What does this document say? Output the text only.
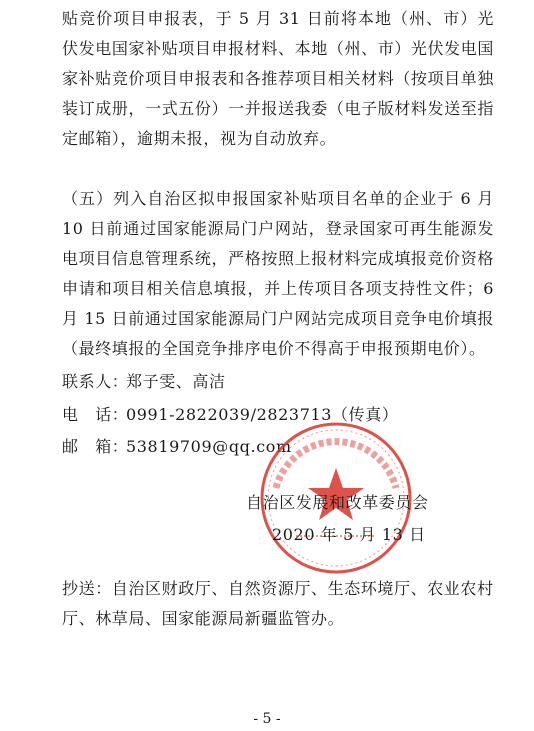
贴竞价项目申报表，于 5 月 31 日前将本地（州、市）光伏发电国家补贴项目申报材料、本地（州、市）光伏发电国家补贴竞价项目申报表和各推荐项目相关材料（按项目单独装订成册，一式五份）一并报送我委（电子版材料发送至指定邮箱），逾期未报，视为自动放弃。

（五）列入自治区拟申报国家补贴项目名单的企业于 6 月 10 日前通过国家能源局门户网站，登录国家可再生能源发电项目信息管理系统，严格按照上报材料完成填报竞价资格申请和项目相关信息填报，并上传项目各项支持性文件；6 月 15 日前通过国家能源局门户网站完成项目竞争电价填报（最终填报的全国竞争排序电价不得高于申报预期电价）。

联系人：郑子雯、高洁
电　话：0991-2822039/2823713（传真）
邮　箱：53819709@qq.com
自治区发展和改革委员会
2020 年 5 月 13 日

抄送：自治区财政厅、自然资源厅、生态环境厅、农业农村厅、林草局、国家能源局新疆监管办。

- 5 -
